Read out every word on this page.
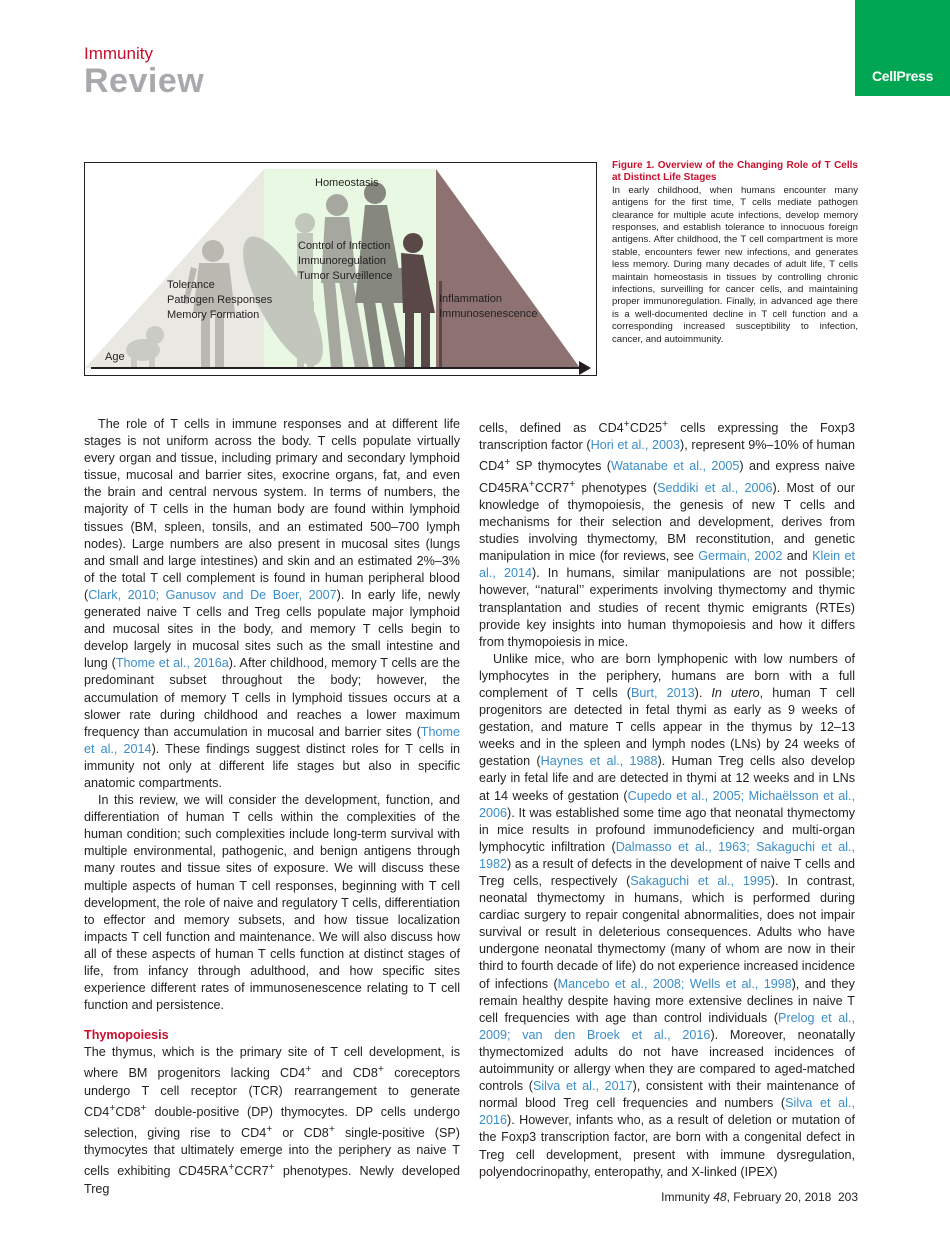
Immunity
Review	CellPress
Homeostasis
Control of Infection
Immunoregulation
Tumor Surveillence
Tolerance
Pathogen Responses
Memory Formation
Inflammation
Immunosenescence
Age
Figure 1. Overview of the Changing Role of T Cells at Distinct Life Stages
In early childhood, when humans encounter many antigens for the first time, T cells mediate pathogen clearance for multiple acute infections, develop memory responses, and establish tolerance to innocuous foreign antigens. After childhood, the T cell compartment is more stable, encounters fewer new infections, and generates less memory. During many decades of adult life, T cells maintain homeostasis in tissues by controlling chronic infections, surveilling for cancer cells, and maintaining proper immunoregulation. Finally, in advanced age there is a well-documented decline in T cell function and a corresponding increased susceptibility to infection, cancer, and autoimmunity.

The role of T cells in immune responses and at different life stages is not uniform across the body. T cells populate virtually every organ and tissue, including primary and secondary lymphoid tissue, mucosal and barrier sites, exocrine organs, fat, and even the brain and central nervous system. In terms of numbers, the majority of T cells in the human body are found within lymphoid tissues (BM, spleen, tonsils, and an estimated 500–700 lymph nodes). Large numbers are also present in mucosal sites (lungs and small and large intestines) and skin and an estimated 2%–3% of the total T cell complement is found in human peripheral blood (Clark, 2010; Ganusov and De Boer, 2007). In early life, newly generated naive T cells and Treg cells populate major lymphoid and mucosal sites in the body, and memory T cells begin to develop largely in mucosal sites such as the small intestine and lung (Thome et al., 2016a). After childhood, memory T cells are the predominant subset throughout the body; however, the accumulation of memory T cells in lymphoid tissues occurs at a slower rate during childhood and reaches a lower maximum frequency than accumulation in mucosal and barrier sites (Thome et al., 2014). These findings suggest distinct roles for T cells in immunity not only at different life stages but also in specific anatomic compartments.

In this review, we will consider the development, function, and differentiation of human T cells within the complexities of the human condition; such complexities include long-term survival with multiple environmental, pathogenic, and benign antigens through many routes and tissue sites of exposure. We will discuss these multiple aspects of human T cell responses, beginning with T cell development, the role of naive and regulatory T cells, differentiation to effector and memory subsets, and how tissue localization impacts T cell function and maintenance. We will also discuss how all of these aspects of human T cells function at distinct stages of life, from infancy through adulthood, and how specific sites experience different rates of immunosenescence relating to T cell function and persistence.

Thymopoiesis

The thymus, which is the primary site of T cell development, is where BM progenitors lacking CD4+ and CD8+ coreceptors undergo T cell receptor (TCR) rearrangement to generate CD4+CD8+ double-positive (DP) thymocytes. DP cells undergo selection, giving rise to CD4+ or CD8+ single-positive (SP) thymocytes that ultimately emerge into the periphery as naive T cells exhibiting CD45RA+CCR7+ phenotypes. Newly developed Treg

cells, defined as CD4+CD25+ cells expressing the Foxp3 transcription factor (Hori et al., 2003), represent 9%–10% of human CD4+ SP thymocytes (Watanabe et al., 2005) and express naive CD45RA+CCR7+ phenotypes (Seddiki et al., 2006). Most of our knowledge of thymopoiesis, the genesis of new T cells and mechanisms for their selection and development, derives from studies involving thymectomy, BM reconstitution, and genetic manipulation in mice (for reviews, see Germain, 2002 and Klein et al., 2014). In humans, similar manipulations are not possible; however, ‘‘natural’’ experiments involving thymectomy and thymic transplantation and studies of recent thymic emigrants (RTEs) provide key insights into human thymopoiesis and how it differs from thymopoiesis in mice.

Unlike mice, who are born lymphopenic with low numbers of lymphocytes in the periphery, humans are born with a full complement of T cells (Burt, 2013). In utero, human T cell progenitors are detected in fetal thymi as early as 9 weeks of gestation, and mature T cells appear in the thymus by 12–13 weeks and in the spleen and lymph nodes (LNs) by 24 weeks of gestation (Haynes et al., 1988). Human Treg cells also develop early in fetal life and are detected in thymi at 12 weeks and in LNs at 14 weeks of gestation (Cupedo et al., 2005; Michaëlsson et al., 2006). It was established some time ago that neonatal thymectomy in mice results in profound immunodeficiency and multi-organ lymphocytic infiltration (Dalmasso et al., 1963; Sakaguchi et al., 1982) as a result of defects in the development of naive T cells and Treg cells, respectively (Sakaguchi et al., 1995). In contrast, neonatal thymectomy in humans, which is performed during cardiac surgery to repair congenital abnormalities, does not impair survival or result in deleterious consequences. Adults who have undergone neonatal thymectomy (many of whom are now in their third to fourth decade of life) do not experience increased incidence of infections (Mancebo et al., 2008; Wells et al., 1998), and they remain healthy despite having more extensive declines in naive T cell frequencies with age than control individuals (Prelog et al., 2009; van den Broek et al., 2016). Moreover, neonatally thymectomized adults do not have increased incidences of autoimmunity or allergy when they are compared to aged-matched controls (Silva et al., 2017), consistent with their maintenance of normal blood Treg cell frequencies and numbers (Silva et al., 2016). However, infants who, as a result of deletion or mutation of the Foxp3 transcription factor, are born with a congenital defect in Treg cell development, present with immune dysregulation, polyendocrinopathy, enteropathy, and X-linked (IPEX)

Immunity 48, February 20, 2018 203
